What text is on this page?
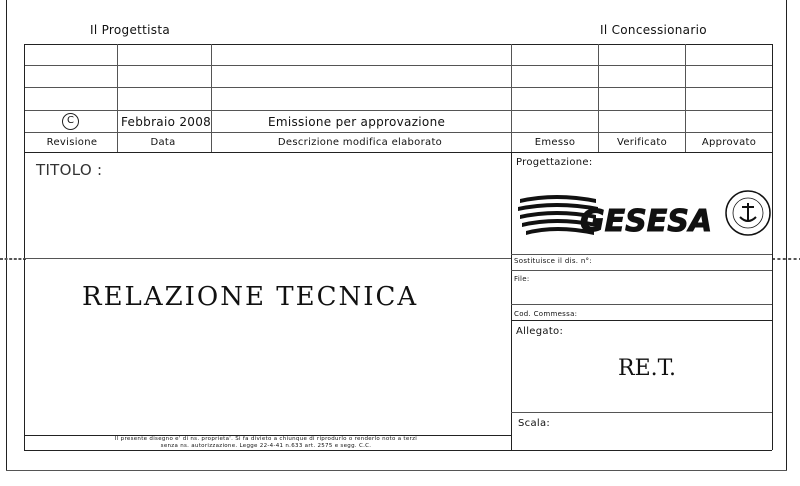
Il Progettista	Il Concessionario
C	Febbraio 2008	Emissione per approvazione
Revisione	Data	Descrizione modifica elaborato	Emesso	Verificato	Approvato
TITOLO :
RELAZIONE TECNICA
Progettazione:
GESESA
Sostituisce il dis. n°:
File:
Cod. Commessa:
Allegato:
RE.T.
Scala:
Il presente disegno e' di ns. proprieta'. Si fa divieto a chiunque di riprodurlo o renderlo noto a terzi
senza ns. autorizzazione. Legge 22-4-41 n.633 art. 2575 e segg. C.C.
